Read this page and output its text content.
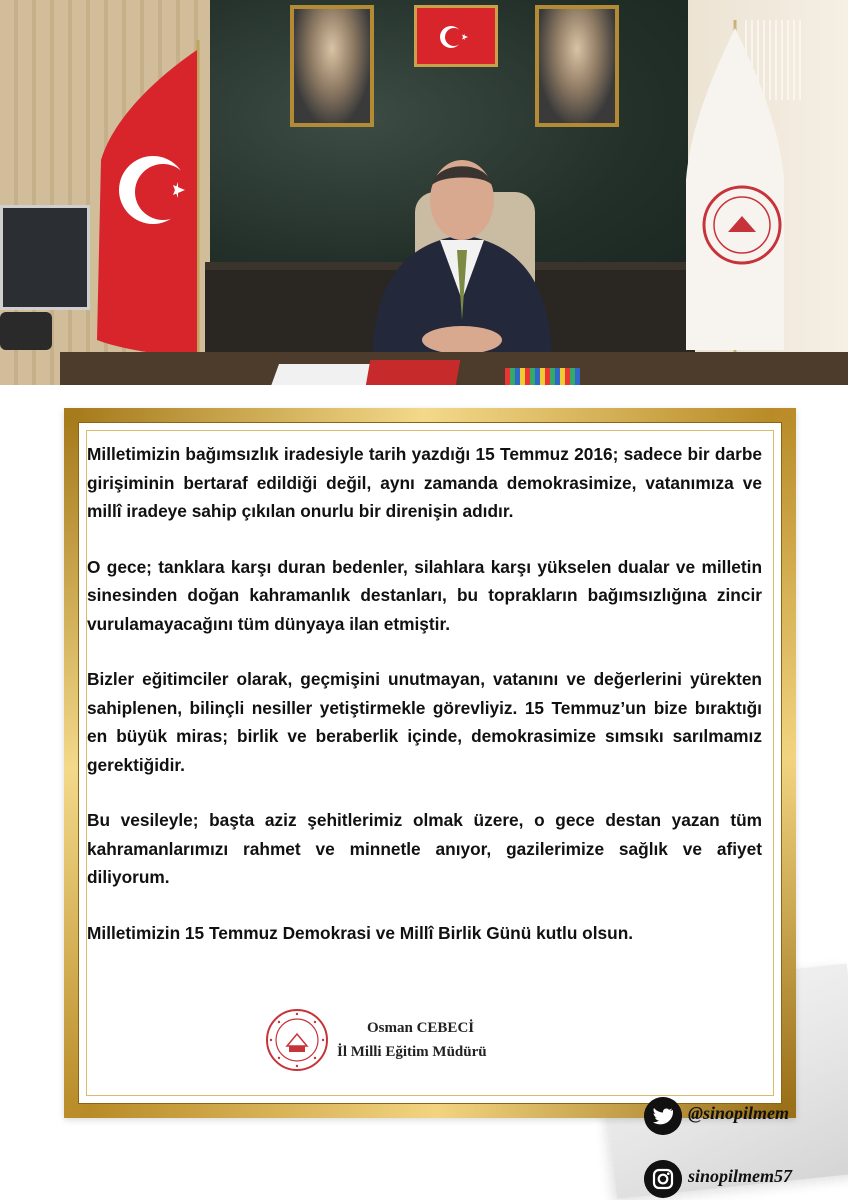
Milletimizin bağımsızlık iradesiyle tarih yazdığı 15 Temmuz 2016; sadece bir darbe girişiminin bertaraf edildiği değil, aynı zamanda demokrasimize, vatanımıza ve millî iradeye sahip çıkılan onurlu bir direnişin adıdır.

O gece; tanklara karşı duran bedenler, silahlara karşı yükselen dualar ve milletin sinesinden doğan kahramanlık destanları, bu toprakların bağımsızlığına zincir vurulamayacağını tüm dünyaya ilan etmiştir.

Bizler eğitimciler olarak, geçmişini unutmayan, vatanını ve değerlerini yürekten sahiplenen, bilinçli nesiller yetiştirmekle görevliyiz. 15 Temmuz’un bize bıraktığı en büyük miras; birlik ve beraberlik içinde, demokrasimize sımsıkı sarılmamız gerektiğidir.

Bu vesileyle; başta aziz şehitlerimiz olmak üzere, o gece destan yazan tüm kahramanlarımızı rahmet ve minnetle anıyor, gazilerimize sağlık ve afiyet diliyorum.

Milletimizin 15 Temmuz Demokrasi ve Millî Birlik Günü kutlu olsun.

Osman CEBECİ
İl Milli Eğitim Müdürü
@sinopilmem
sinopilmem57
